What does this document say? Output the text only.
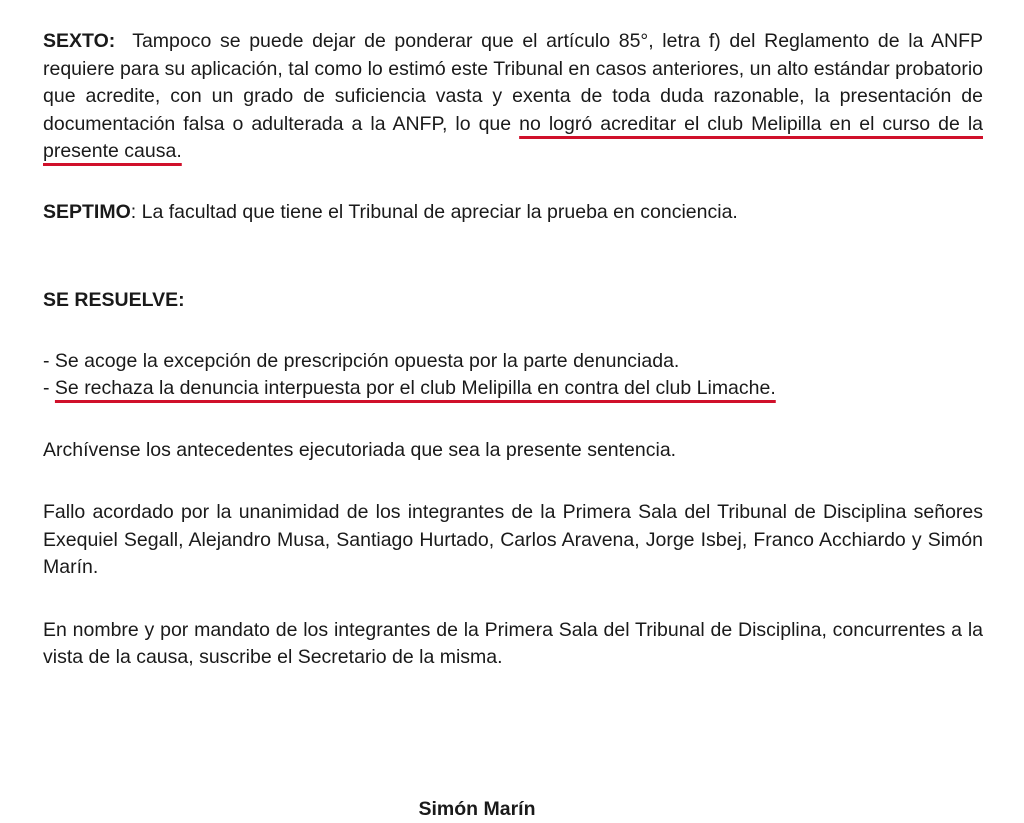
SEXTO: Tampoco se puede dejar de ponderar que el artículo 85°, letra f) del Reglamento de la ANFP requiere para su aplicación, tal como lo estimó este Tribunal en casos anteriores, un alto estándar probatorio que acredite, con un grado de suficiencia vasta y exenta de toda duda razonable, la presentación de documentación falsa o adulterada a la ANFP, lo que no logró acreditar el club Melipilla en el curso de la presente causa.

SEPTIMO: La facultad que tiene el Tribunal de apreciar la prueba en conciencia.

SE RESUELVE:

- Se acoge la excepción de prescripción opuesta por la parte denunciada.

- Se rechaza la denuncia interpuesta por el club Melipilla en contra del club Limache.

Archívense los antecedentes ejecutoriada que sea la presente sentencia.

Fallo acordado por la unanimidad de los integrantes de la Primera Sala del Tribunal de Disciplina señores Exequiel Segall, Alejandro Musa, Santiago Hurtado, Carlos Aravena, Jorge Isbej, Franco Acchiardo y Simón Marín.

En nombre y por mandato de los integrantes de la Primera Sala del Tribunal de Disciplina, concurrentes a la vista de la causa, suscribe el Secretario de la misma.

Simón Marín
